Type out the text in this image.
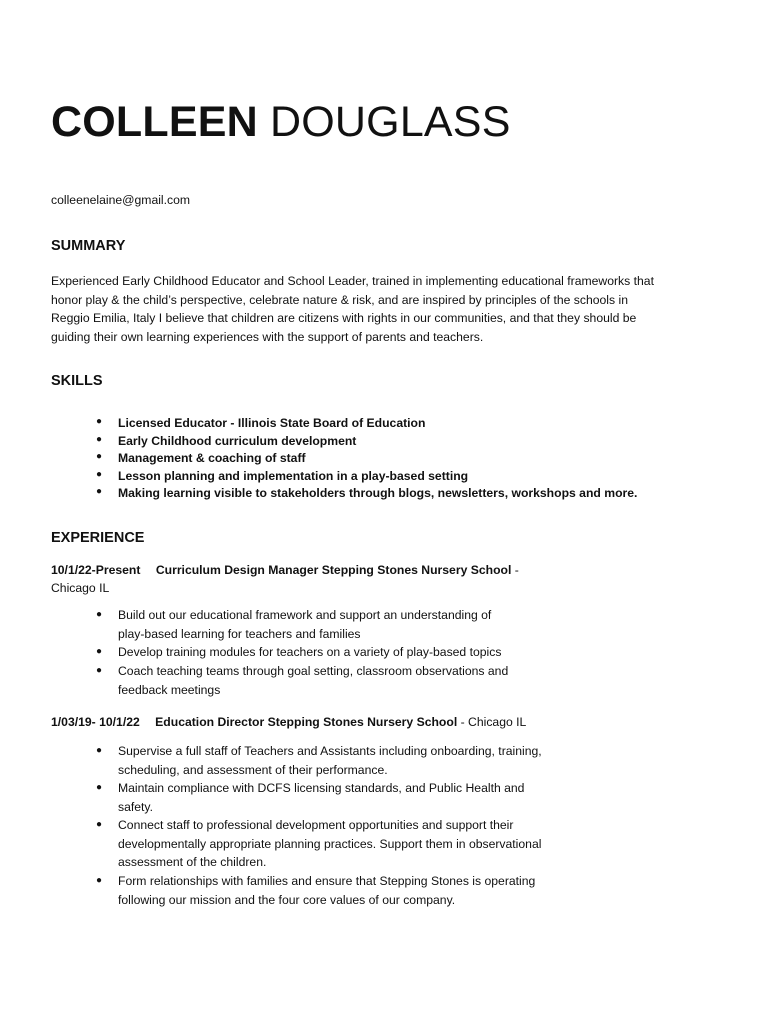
COLLEEN DOUGLASS
colleenelaine@gmail.com
SUMMARY
Experienced Early Childhood Educator and School Leader, trained in implementing educational frameworks that
honor play & the child’s perspective, celebrate nature & risk, and are inspired by principles of the schools in
Reggio Emilia, Italy I believe that children are citizens with rights in our communities, and that they should be
guiding their own learning experiences with the support of parents and teachers.
SKILLS
● Licensed Educator - Illinois State Board of Education
● Early Childhood curriculum development
● Management & coaching of staff
● Lesson planning and implementation in a play-based setting
● Making learning visible to stakeholders through blogs, newsletters, workshops and more.
EXPERIENCE
10/1/22-Present Curriculum Design Manager Stepping Stones Nursery School -
Chicago IL
● Build out our educational framework and support an understanding of
play-based learning for teachers and families
● Develop training modules for teachers on a variety of play-based topics
● Coach teaching teams through goal setting, classroom observations and
feedback meetings
1/03/19- 10/1/22 Education Director Stepping Stones Nursery School - Chicago IL
● Supervise a full staff of Teachers and Assistants including onboarding, training,
scheduling, and assessment of their performance.
● Maintain compliance with DCFS licensing standards, and Public Health and
safety.
● Connect staff to professional development opportunities and support their
developmentally appropriate planning practices. Support them in observational
assessment of the children.
● Form relationships with families and ensure that Stepping Stones is operating
following our mission and the four core values of our company.
